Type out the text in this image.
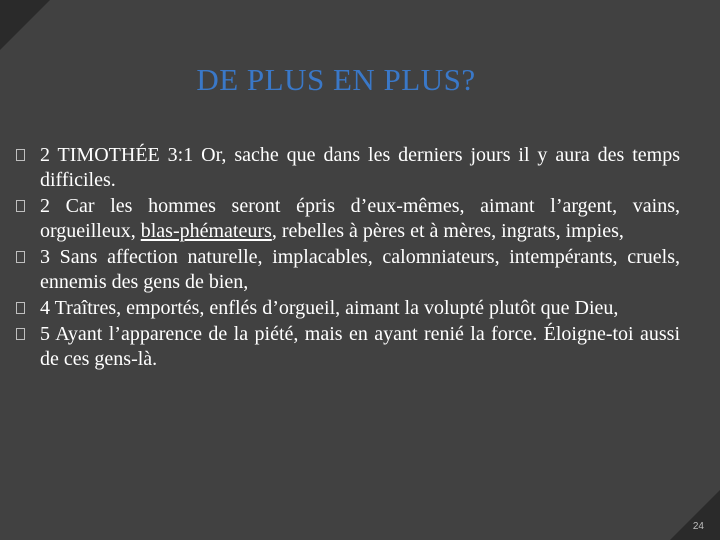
DE PLUS EN PLUS?
2 TIMOTHÉE 3:1 Or, sache que dans les derniers jours il y aura des temps difficiles.
2 Car les hommes seront épris d’eux-mêmes, aimant l’argent, vains, orgueilleux, blas-phémateurs, rebelles à pères et à mères, ingrats, impies,
3 Sans affection naturelle, implacables, calomniateurs, intempérants, cruels, ennemis des gens de bien,
4 Traîtres, emportés, enflés d’orgueil, aimant la volupté plutôt que Dieu,
5 Ayant l’apparence de la piété, mais en ayant renié la force. Éloigne-toi aussi de ces gens-là.
24
